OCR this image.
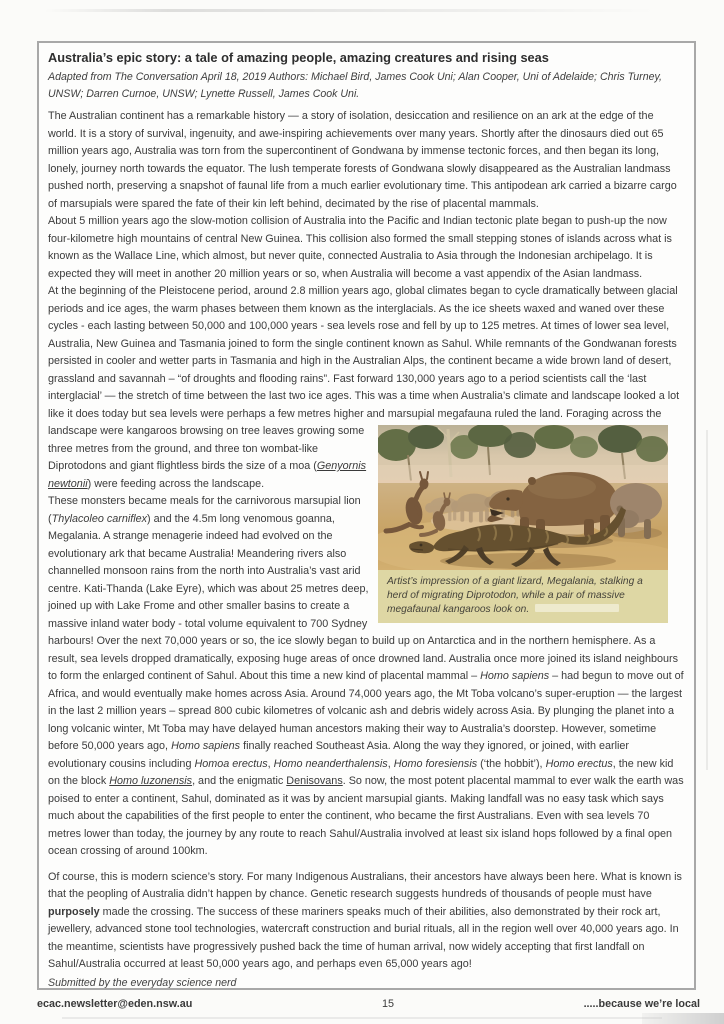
Australia’s epic story: a tale of amazing people, amazing creatures and rising seas

Adapted from The Conversation April 18, 2019 Authors: Michael Bird, James Cook Uni; Alan Cooper, Uni of Adelaide; Chris Turney, UNSW; Darren Curnoe, UNSW; Lynette Russell, James Cook Uni.

The Australian continent has a remarkable history — a story of isolation, desiccation and resilience on an ark at the edge of the world. It is a story of survival, ingenuity, and awe-inspiring achievements over many years. Shortly after the dinosaurs died out 65 million years ago, Australia was torn from the supercontinent of Gondwana by immense tectonic forces, and then began its long, lonely, journey north towards the equator. The lush temperate forests of Gondwana slowly disappeared as the Australian landmass pushed north, preserving a snapshot of faunal life from a much earlier evolutionary time. This antipodean ark carried a bizarre cargo of marsupials were spared the fate of their kin left behind, decimated by the rise of placental mammals.
About 5 million years ago the slow-motion collision of Australia into the Pacific and Indian tectonic plate began to push-up the now four-kilometre high mountains of central New Guinea. This collision also formed the small stepping stones of islands across what is known as the Wallace Line, which almost, but never quite, connected Australia to Asia through the Indonesian archipelago. It is expected they will meet in another 20 million years or so, when Australia will become a vast appendix of the Asian landmass.
At the beginning of the Pleistocene period, around 2.8 million years ago, global climates began to cycle dramatically between glacial periods and ice ages, the warm phases between them known as the interglacials. As the ice sheets waxed and waned over these cycles - each lasting between 50,000 and 100,000 years - sea levels rose and fell by up to 125 metres. At times of lower sea level, Australia, New Guinea and Tasmania joined to form the single continent known as Sahul. While remnants of the Gondwanan forests persisted in cooler and wetter parts in Tasmania and high in the Australian Alps, the continent became a wide brown land of desert, grassland and savannah – “of droughts and flooding rains”. Fast forward 130,000 years ago to a period scientists call the ‘last interglacial’ — the stretch of time between the last two ice ages. This was a time when Australia’s climate and landscape looked a lot like it does today but sea levels were perhaps a few metres higher and marsupial megafauna ruled the land. Foraging across the landscape were kangaroos browsing on tree leaves growing some
Artist’s impression of a giant lizard, Megalania, stalking a herd of migrating Diprotodon, while a pair of massive megafaunal kangaroos look on.
three metres from the ground, and three ton wombat-like Diprotodons and giant flightless birds the size of a moa (Genyornis newtonii) were feeding across the landscape.
These monsters became meals for the carnivorous marsupial lion (Thylacoleo carniflex) and the 4.5m long venomous goanna, Megalania. A strange menagerie indeed had evolved on the evolutionary ark that became Australia! Meandering rivers also channelled monsoon rains from the north into Australia’s vast arid centre. Kati-Thanda (Lake Eyre), which was about 25 metres deep, joined up with Lake Frome and other smaller basins to create a massive inland water body - total volume equivalent to 700 Sydney harbours! Over the next 70,000 years or so, the ice slowly began to build up on Antarctica and in the northern hemisphere. As a result, sea levels dropped dramatically, exposing huge areas of once drowned land. Australia once more joined its island neighbours to form the enlarged continent of Sahul. About this time a new kind of placental mammal – Homo sapiens – had begun to move out of Africa, and would eventually make homes across Asia. Around 74,000 years ago, the Mt Toba volcano’s super-eruption — the largest in the last 2 million years – spread 800 cubic kilometres of volcanic ash and debris widely across Asia. By plunging the planet into a long volcanic winter, Mt Toba may have delayed human ancestors making their way to Australia’s doorstep. However, sometime before 50,000 years ago, Homo sapiens finally reached Southeast Asia. Along the way they ignored, or joined, with earlier evolutionary cousins including Homoa erectus, Homo neanderthalensis, Homo foresiensis (‘the hobbit’), Homo erectus, the new kid on the block Homo luzonensis, and the enigmatic Denisovans. So now, the most potent placental mammal to ever walk the earth was poised to enter a continent, Sahul, dominated as it was by ancient marsupial giants. Making landfall was no easy task which says much about the capabilities of the first people to enter the continent, who became the first Australians. Even with sea levels 70 metres lower than today, the journey by any route to reach Sahul/Australia involved at least six island hops followed by a final open ocean crossing of around 100km.
Of course, this is modern science’s story. For many Indigenous Australians, their ancestors have always been here. What is known is that the peopling of Australia didn’t happen by chance. Genetic research suggests hundreds of thousands of people must have purposely made the crossing. The success of these mariners speaks much of their abilities, also demonstrated by their rock art, jewellery, advanced stone tool technologies, watercraft construction and burial rituals, all in the region well over 40,000 years ago. In the meantime, scientists have progressively pushed back the time of human arrival, now widely accepting that first landfall on Sahul/Australia occurred at least 50,000 years ago, and perhaps even 65,000 years ago!

Submitted by the everyday science nerd

ecac.newsletter@eden.nsw.au	15	.....because we’re local
